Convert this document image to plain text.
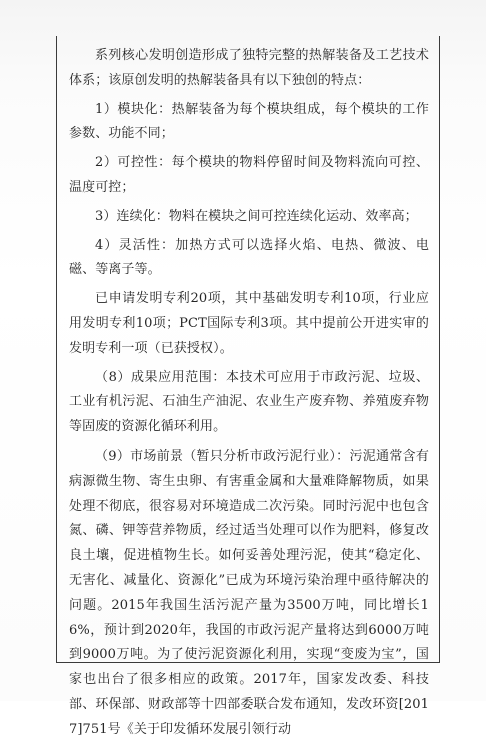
系列核心发明创造形成了独特完整的热解装备及工艺技术体系；该原创发明的热解装备具有以下独创的特点：

1）模块化：热解装备为每个模块组成，每个模块的工作参数、功能不同；

2）可控性：每个模块的物料停留时间及物料流向可控、温度可控；

3）连续化：物料在模块之间可控连续化运动、效率高；

4）灵活性：加热方式可以选择火焰、电热、微波、电磁、等离子等。

已申请发明专利20项，其中基础发明专利10项，行业应用发明专利10项；PCT国际专利3项。其中提前公开进实审的发明专利一项（已获授权）。

（8）成果应用范围：本技术可应用于市政污泥、垃圾、工业有机污泥、石油生产油泥、农业生产废弃物、养殖废弃物等固废的资源化循环利用。

（9）市场前景（暂只分析市政污泥行业）：污泥通常含有病源微生物、寄生虫卵、有害重金属和大量难降解物质，如果处理不彻底，很容易对环境造成二次污染。同时污泥中也包含氮、磷、钾等营养物质，经过适当处理可以作为肥料，修复改良土壤，促进植物生长。如何妥善处理污泥，使其“稳定化、无害化、减量化、资源化”已成为环境污染治理中亟待解决的问题。2015年我国生活污泥产量为3500万吨，同比增长16%，预计到2020年，我国的市政污泥产量将达到6000万吨到9000万吨。为了使污泥资源化利用，实现“变废为宝”，国家也出台了很多相应的政策。2017年，国家发改委、科技部、环保部、财政部等十四部委联合发布通知，发改环资[2017]751号《关于印发循环发展引领行动
